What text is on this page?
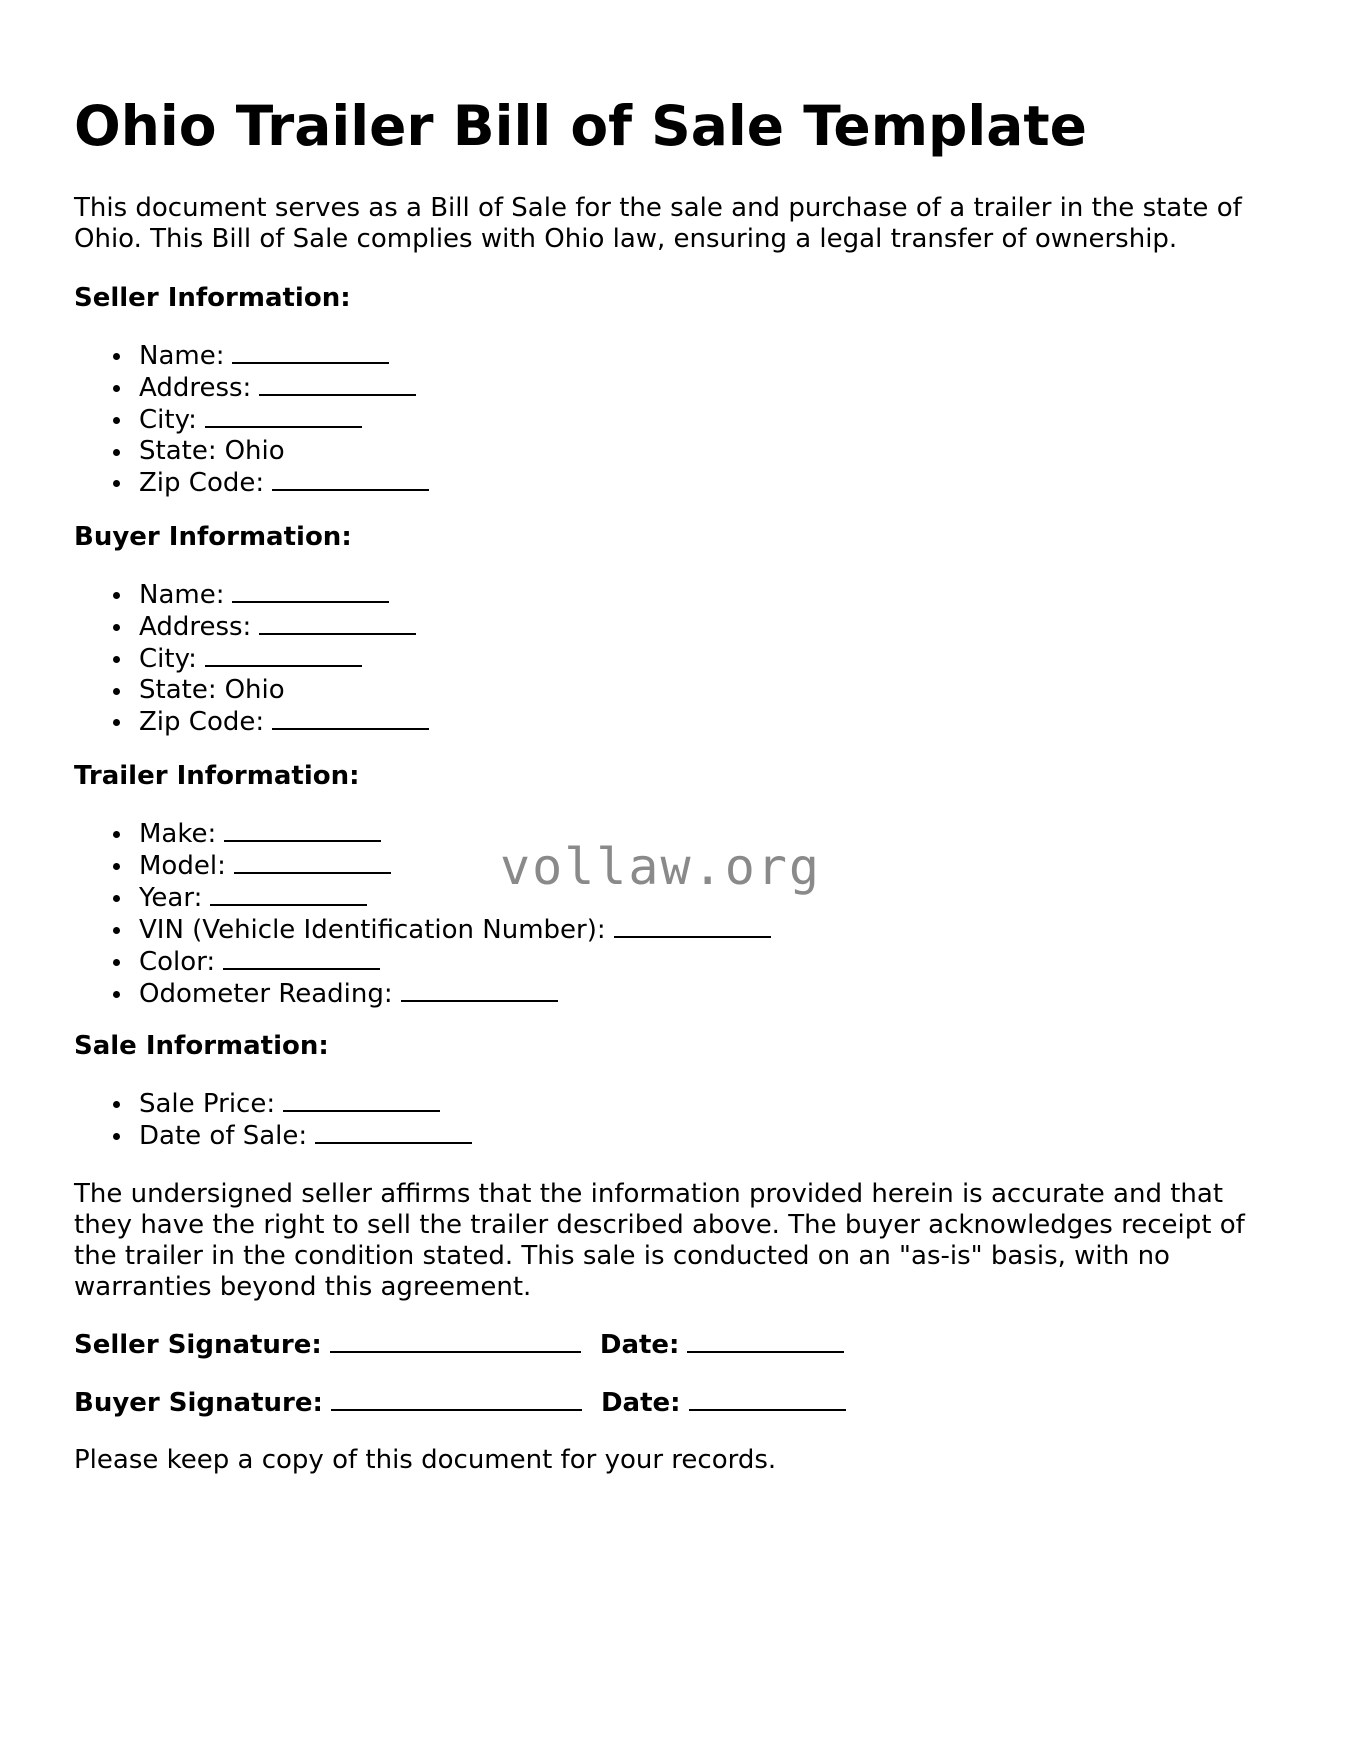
Ohio Trailer Bill of Sale Template

This document serves as a Bill of Sale for the sale and purchase of a trailer in the state of Ohio. This Bill of Sale complies with Ohio law, ensuring a legal transfer of ownership.

Seller Information:
Name:
Address:
City:
State: Ohio
Zip Code:
Buyer Information:
Name:
Address:
City:
State: Ohio
Zip Code:
Trailer Information:
Make:
Model:
Year:
VIN (Vehicle Identification Number):
Color:
Odometer Reading:
Sale Information:
Sale Price:
Date of Sale:

The undersigned seller affirms that the information provided herein is accurate and that they have the right to sell the trailer described above. The buyer acknowledges receipt of the trailer in the condition stated. This sale is conducted on an "as-is" basis, with no warranties beyond this agreement.

Seller Signature:	Date:

Buyer Signature:	Date:

Please keep a copy of this document for your records.

vollaw.org
